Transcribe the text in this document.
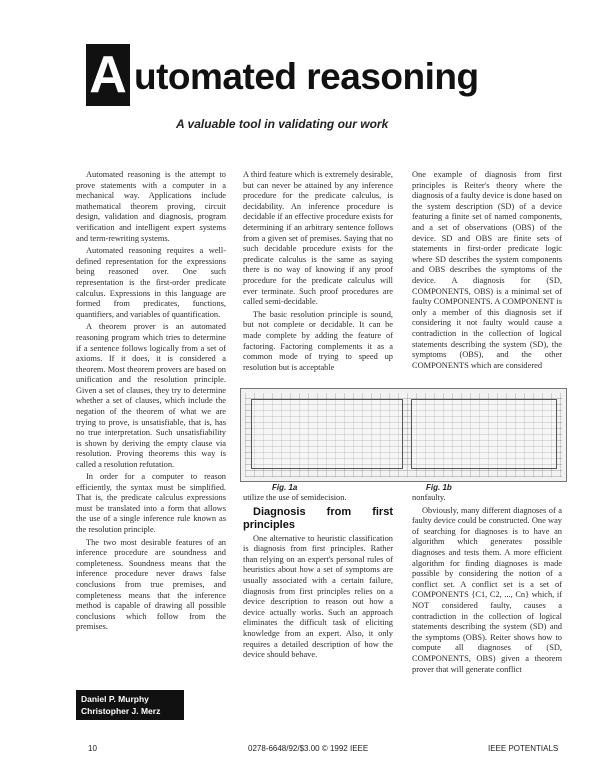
A utomated reasoning
A valuable tool in validating our work

Automated reasoning is the attempt to prove statements with a computer in a mechanical way. Applications include mathematical theorem proving, circuit design, validation and diagnosis, program verification and intelligent expert systems and term-rewriting systems.

Automated reasoning requires a well-defined representation for the expressions being reasoned over. One such representation is the first-order predicate calculus. Expressions in this language are formed from predicates, functions, quantifiers, and variables of quantification.

A theorem prover is an automated reasoning program which tries to determine if a sentence follows logically from a set of axioms. If it does, it is considered a theorem. Most theorem provers are based on unification and the resolution principle. Given a set of clauses, they try to determine whether a set of clauses, which include the negation of the theorem of what we are trying to prove, is unsatisfiable, that is, has no true interpretation. Such unsatisfiability is shown by deriving the empty clause via resolution. Proving theorems this way is called a resolution refutation.

In order for a computer to reason efficiently, the syntax must be simplified. That is, the predicate calculus expressions must be translated into a form that allows the use of a single inference rule known as the resolution principle.

The two most desirable features of an inference procedure are soundness and completeness. Soundness means that the inference procedure never draws false conclusions from true premises, and completeness means that the inference method is capable of drawing all possible conclusions which follow from the premises.

A third feature which is extremely desirable, but can never be attained by any inference procedure for the predicate calculus, is decidability. An inference procedure is decidable if an effective procedure exists for determining if an arbitrary sentence follows from a given set of premises. Saying that no such decidable procedure exists for the predicate calculus is the same as saying there is no way of knowing if any proof procedure for the predicate calculus will ever terminate. Such proof procedures are called semi-decidable.

The basic resolution principle is sound, but not complete or decidable. It can be made complete by adding the feature of factoring. Factoring complements it as a common mode of trying to speed up resolution but is acceptable

One example of diagnosis from first principles is Reiter's theory where the diagnosis of a faulty device is done based on the system description (SD) of a device featuring a finite set of named components, and a set of observations (OBS) of the device. SD and OBS are finite sets of statements in first-order predicate logic where SD describes the system components and OBS describes the symptoms of the device. A diagnosis for (SD, COMPONENTS, OBS) is a minimal set of faulty COMPONENTS. A COMPONENT is only a member of this diagnosis set if considering it not faulty would cause a contradiction in the collection of logical statements describing the system (SD), the symptoms (OBS), and the other COMPONENTS which are considered

Fig. 1a	Fig. 1b

utilize the use of semidecision.

Diagnosis from first principles

One alternative to heuristic classification is diagnosis from first principles. Rather than relying on an expert's personal rules of heuristics about how a set of symptoms are usually associated with a certain failure, diagnosis from first principles relies on a device description to reason out how a device actually works. Such an approach eliminates the difficult task of eliciting knowledge from an expert. Also, it only requires a detailed description of how the device should behave.

nonfaulty.

Obviously, many different diagnoses of a faulty device could be constructed. One way of searching for diagnoses is to have an algorithm which generates possible diagnoses and tests them. A more efficient algorithm for finding diagnoses is made possible by considering the notion of a conflict set. A conflict set is a set of COMPONENTS {C1, C2, ..., Cn} which, if NOT considered faulty, causes a contradiction in the collection of logical statements describing the system (SD) and the symptoms (OBS). Reiter shows how to compute all diagnoses of (SD, COMPONENTS, OBS) given a theorem prover that will generate conflict

Daniel P. Murphy
Christopher J. Merz
10	0278-6648/92/$3.00 © 1992 IEEE	IEEE POTENTIALS
